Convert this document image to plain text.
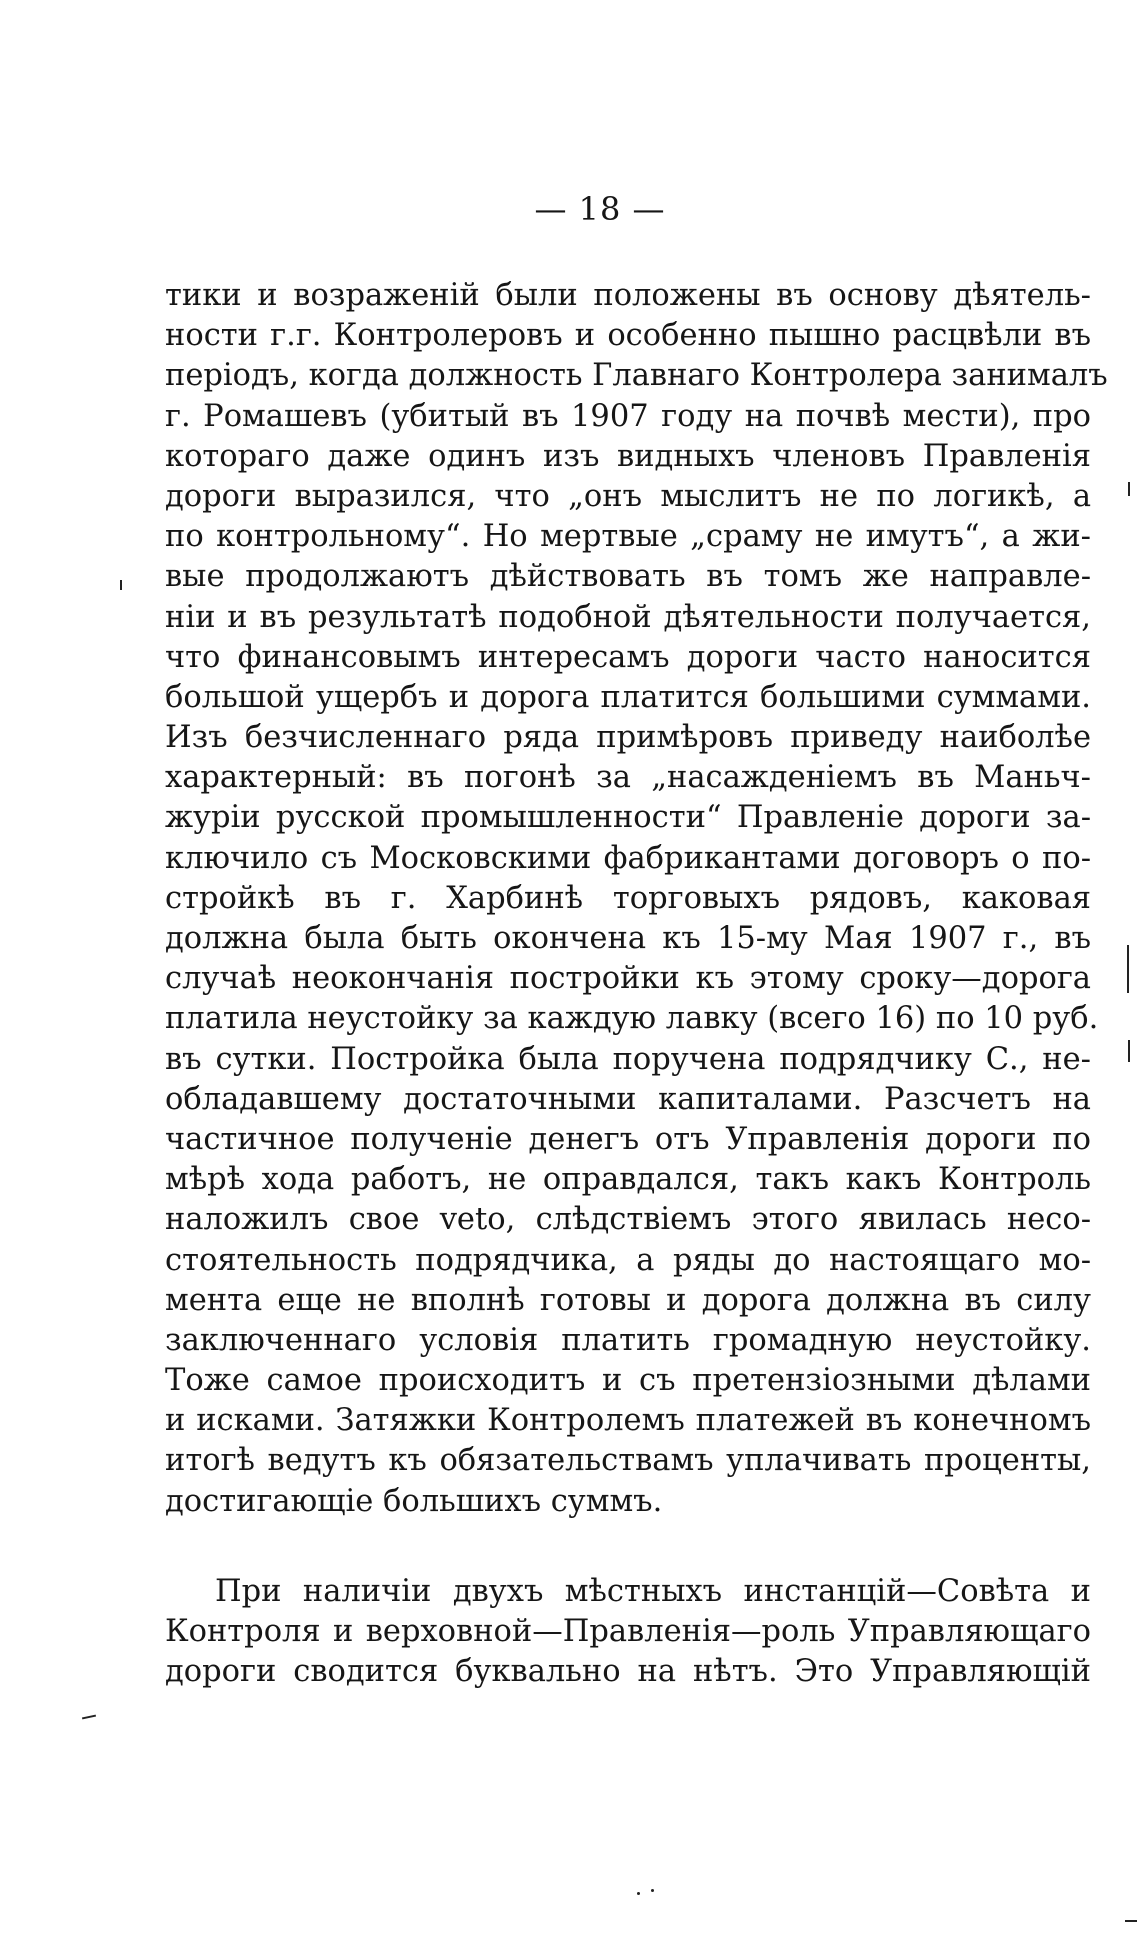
— 18 —
тики и возраженій были положены въ основу дѣятель-
ности г.г. Контролеровъ и особенно пышно расцвѣли въ
періодъ, когда должность Главнаго Контролера занималъ
г. Ромашевъ (убитый въ 1907 году на почвѣ мести), про
котораго даже одинъ изъ видныхъ членовъ Правленія
дороги выразился, что „онъ мыслитъ не по логикѣ, а
по контрольному“. Но мертвые „сраму не имутъ“, а жи-
вые продолжаютъ дѣйствовать въ томъ же направле-
ніи и въ результатѣ подобной дѣятельности получается,
что финансовымъ интересамъ дороги часто наносится
большой ущербъ и дорога платится большими суммами.
Изъ безчисленнаго ряда примѣровъ приведу наиболѣе
характерный: въ погонѣ за „насажденіемъ въ Маньч-
журіи русской промышленности“ Правленіе дороги за-
ключило съ Московскими фабрикантами договоръ о по-
стройкѣ въ г. Харбинѣ торговыхъ рядовъ, каковая
должна была быть окончена къ 15-му Мая 1907 г., въ
случаѣ неокончанія постройки къ этому сроку—дорога
платила неустойку за каждую лавку (всего 16) по 10 руб.
въ сутки. Постройка была поручена подрядчику С., не-
обладавшему достаточными капиталами. Разсчетъ на
частичное полученіе денегъ отъ Управленія дороги по
мѣрѣ хода работъ, не оправдался, такъ какъ Контроль
наложилъ свое veto, слѣдствіемъ этого явилась несо-
стоятельность подрядчика, а ряды до настоящаго мо-
мента еще не вполнѣ готовы и дорога должна въ силу
заключеннаго условія платить громадную неустойку.
Тоже самое происходитъ и съ претензіозными дѣлами
и исками. Затяжки Контролемъ платежей въ конечномъ
итогѣ ведутъ къ обязательствамъ уплачивать проценты,
достигающіе большихъ суммъ.
При наличіи двухъ мѣстныхъ инстанцій—Совѣта и
Контроля и верховной—Правленія—роль Управляющаго
дороги сводится буквально на нѣтъ. Это Управляющій
